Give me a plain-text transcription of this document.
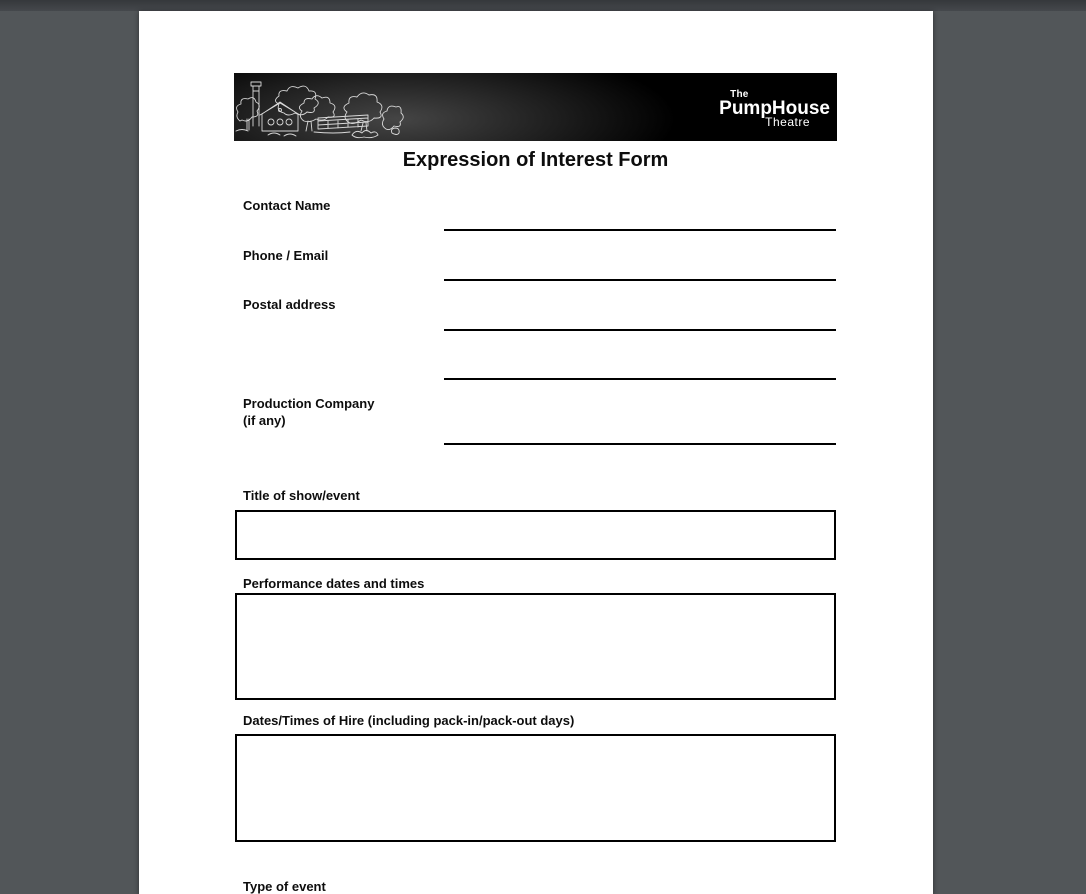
The
PumpHouse
Theatre
Expression of Interest Form
Contact Name
Phone / Email
Postal address
Production Company
(if any)
Title of show/event
Performance dates and times
Dates/Times of Hire (including pack-in/pack-out days)
Type of event
